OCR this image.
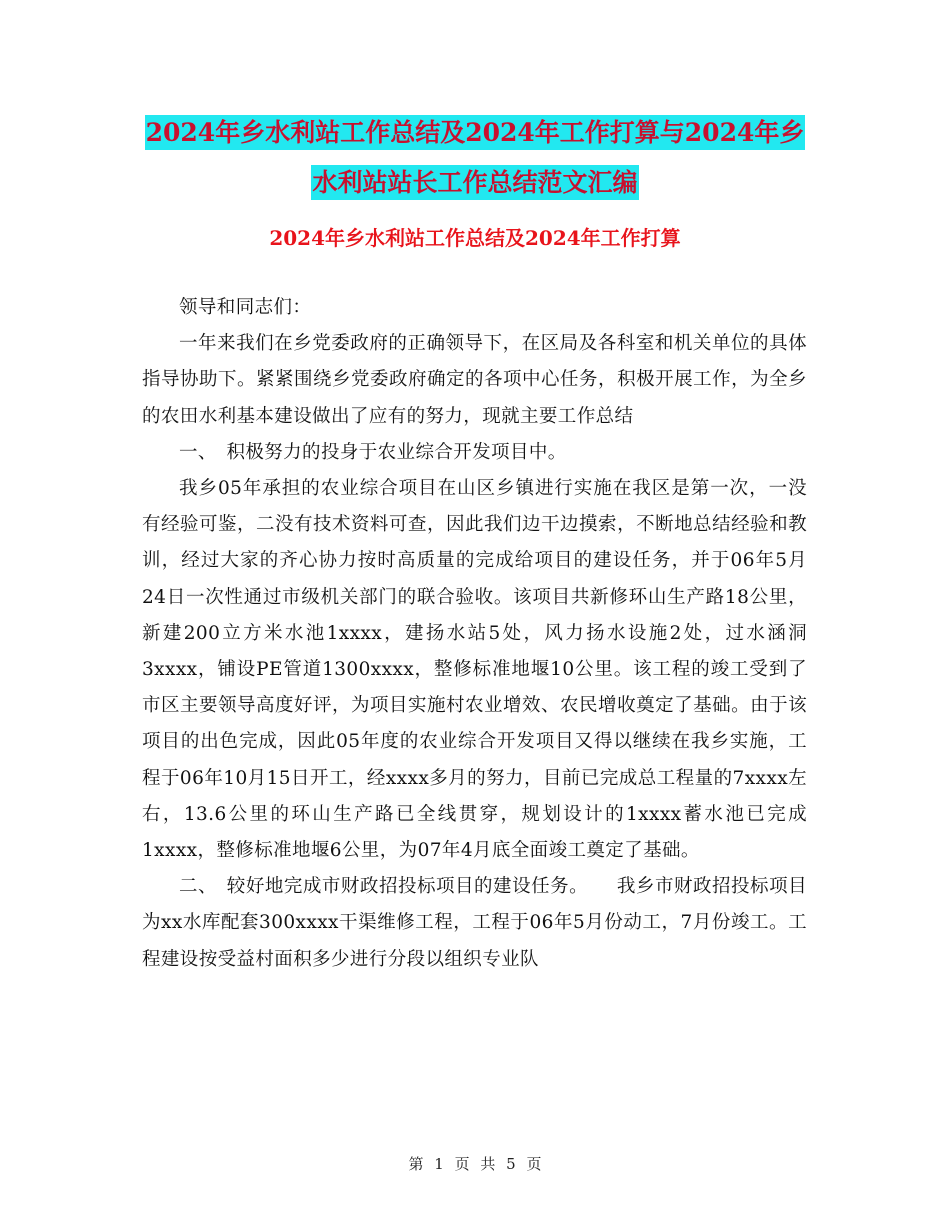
2024年乡水利站工作总结及2024年工作打算与2024年乡水利站站长工作总结范文汇编
2024年乡水利站工作总结及2024年工作打算

领导和同志们：

一年来我们在乡党委政府的正确领导下，在区局及各科室和机关单位的具体指导协助下。紧紧围绕乡党委政府确定的各项中心任务，积极开展工作，为全乡的农田水利基本建设做出了应有的努力，现就主要工作总结

一、　积极努力的投身于农业综合开发项目中。

我乡05年承担的农业综合项目在山区乡镇进行实施在我区是第一次，一没有经验可鉴，二没有技术资料可查，因此我们边干边摸索，不断地总结经验和教训，经过大家的齐心协力按时高质量的完成给项目的建设任务，并于06年5月24日一次性通过市级机关部门的联合验收。该项目共新修环山生产路18公里，新建200立方米水池1xxxx，建扬水站5处，风力扬水设施2处，过水涵洞3xxxx，铺设PE管道1300xxxx，整修标准地堰10公里。该工程的竣工受到了市区主要领导高度好评，为项目实施村农业增效、农民增收奠定了基础。由于该项目的出色完成，因此05年度的农业综合开发项目又得以继续在我乡实施，工程于06年10月15日开工，经xxxx多月的努力，目前已完成总工程量的7xxxx左右，13.6公里的环山生产路已全线贯穿，规划设计的1xxxx蓄水池已完成1xxxx，整修标准地堰6公里，为07年4月底全面竣工奠定了基础。

二、　较好地完成市财政招投标项目的建设任务。　　我乡市财政招投标项目为xx水库配套300xxxx干渠维修工程，工程于06年5月份动工，7月份竣工。工程建设按受益村面积多少进行分段以组织专业队

第 1 页 共 5 页
